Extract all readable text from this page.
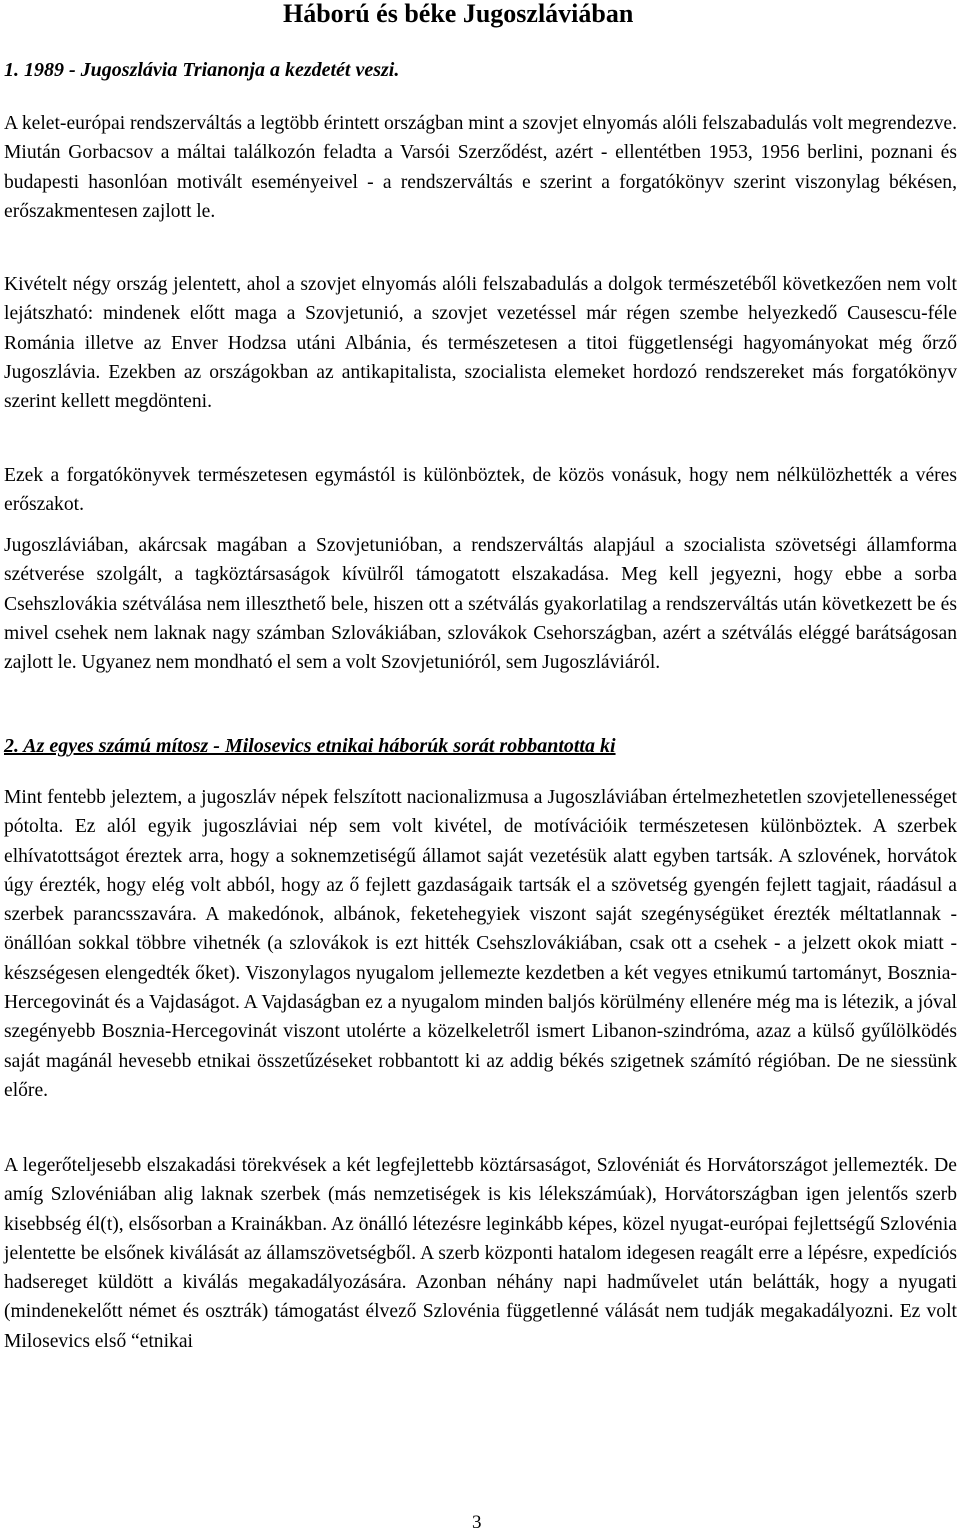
Háború és béke Jugoszláviában
1. 1989 - Jugoszlávia Trianonja a kezdetét veszi.

A kelet-európai rendszerváltás a legtöbb érintett országban mint a szovjet elnyomás alóli felszabadulás volt megrendezve. Miután Gorbacsov a máltai találkozón feladta a Varsói Szerződést, azért - ellentétben 1953, 1956 berlini, poznani és budapesti hasonlóan motivált eseményeivel - a rendszerváltás e szerint a forgatókönyv szerint viszonylag békésen, erőszakmentesen zajlott le.

Kivételt négy ország jelentett, ahol a szovjet elnyomás alóli felszabadulás a dolgok természetéből következően nem volt lejátszható: mindenek előtt maga a Szovjetunió, a szovjet vezetéssel már régen szembe helyezkedő Causescu-féle Románia illetve az Enver Hodzsa utáni Albánia, és természetesen a titoi függetlenségi hagyományokat még őrző Jugoszlávia. Ezekben az országokban az antikapitalista, szocialista elemeket hordozó rendszereket más forgatókönyv szerint kellett megdönteni.

Ezek a forgatókönyvek természetesen egymástól is különböztek, de közös vonásuk, hogy nem nélkülözhették a véres erőszakot.

Jugoszláviában, akárcsak magában a Szovjetunióban, a rendszerváltás alapjául a szocialista szövetségi államforma szétverése szolgált, a tagköztársaságok kívülről támogatott elszakadása. Meg kell jegyezni, hogy ebbe a sorba Csehszlovákia szétválása nem illeszthető bele, hiszen ott a szétválás gyakorlatilag a rendszerváltás után következett be és mivel csehek nem laknak nagy számban Szlovákiában, szlovákok Csehországban, azért a szétválás eléggé barátságosan zajlott le. Ugyanez nem mondható el sem a volt Szovjetunióról, sem Jugoszláviáról.

2. Az egyes számú mítosz - Milosevics etnikai háborúk sorát robbantotta ki

Mint fentebb jeleztem, a jugoszláv népek felszított nacionalizmusa a Jugoszláviában értelmezhetetlen szovjetellenességet pótolta. Ez alól egyik jugoszláviai nép sem volt kivétel, de motívációik természetesen különböztek. A szerbek elhívatottságot éreztek arra, hogy a soknemzetiségű államot saját vezetésük alatt egyben tartsák. A szlovének, horvátok úgy érezték, hogy elég volt abból, hogy az ő fejlett gazdaságaik tartsák el a szövetség gyengén fejlett tagjait, ráadásul a szerbek parancsszavára. A makedónok, albánok, feketehegyiek viszont saját szegénységüket érezték méltatlannak - önállóan sokkal többre vihetnék (a szlovákok is ezt hitték Csehszlovákiában, csak ott a csehek - a jelzett okok miatt - készségesen elengedték őket). Viszonylagos nyugalom jellemezte kezdetben a két vegyes etnikumú tartományt, Bosznia-Hercegovinát és a Vajdaságot. A Vajdaságban ez a nyugalom minden baljós körülmény ellenére még ma is létezik, a jóval szegényebb Bosznia-Hercegovinát viszont utolérte a közelkeletről ismert Libanon-szindróma, azaz a külső gyűlölködés saját magánál hevesebb etnikai összetűzéseket robbantott ki az addig békés szigetnek számító régióban. De ne siessünk előre.

A legerőteljesebb elszakadási törekvések a két legfejlettebb köztársaságot, Szlovéniát és Horvátországot jellemezték. De amíg Szlovéniában alig laknak szerbek (más nemzetiségek is kis lélekszámúak), Horvátországban igen jelentős szerb kisebbség él(t), elsősorban a Krainákban. Az önálló létezésre leginkább képes, közel nyugat-európai fejlettségű Szlovénia jelentette be elsőnek kiválását az államszövetségből. A szerb központi hatalom idegesen reagált erre a lépésre, expedíciós hadsereget küldött a kiválás megakadályozására. Azonban néhány napi hadművelet után belátták, hogy a nyugati (mindenekelőtt német és osztrák) támogatást élvező Szlovénia függetlenné válását nem tudják megakadályozni. Ez volt Milosevics első “etnikai

3
